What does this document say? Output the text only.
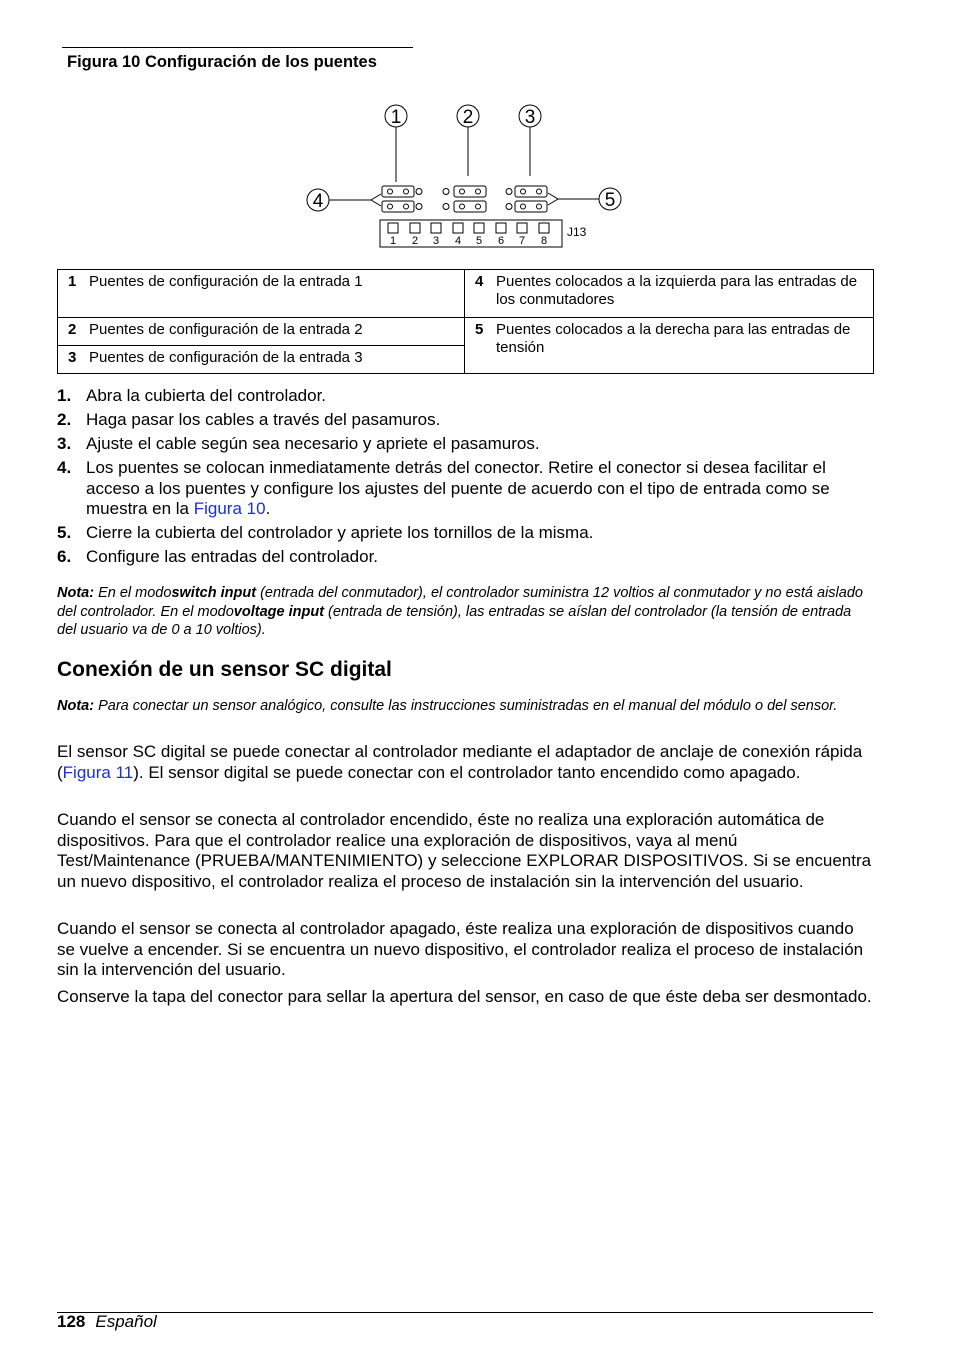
Figura 10 Configuración de los puentes
1	2	3
4	5
1 2 3 4 5 6 7 8
J13
1 Puentes de configuración de la entrada 1	4 Puentes colocados a la izquierda para las entradas de los conmutadores

2 Puentes de configuración de la entrada 2	5 Puentes colocados a la derecha para las entradas de tensión

3 Puentes de configuración de la entrada 3	
1. Abra la cubierta del controlador.
2. Haga pasar los cables a través del pasamuros.
3. Ajuste el cable según sea necesario y apriete el pasamuros.
4. Los puentes se colocan inmediatamente detrás del conector. Retire el conector si desea facilitar el acceso a los puentes y configure los ajustes del puente de acuerdo con el tipo de entrada como se muestra en la Figura 10.
5. Cierre la cubierta del controlador y apriete los tornillos de la misma.
6. Configure las entradas del controlador.
Nota: En el modoswitch input (entrada del conmutador), el controlador suministra 12 voltios al conmutador y no está aislado del controlador. En el modovoltage input (entrada de tensión), las entradas se aíslan del controlador (la tensión de entrada del usuario va de 0 a 10 voltios).
Conexión de un sensor SC digital
Nota: Para conectar un sensor analógico, consulte las instrucciones suministradas en el manual del módulo o del sensor.
El sensor SC digital se puede conectar al controlador mediante el adaptador de anclaje de conexión rápida (Figura 11). El sensor digital se puede conectar con el controlador tanto encendido como apagado.
Cuando el sensor se conecta al controlador encendido, éste no realiza una exploración automática de dispositivos. Para que el controlador realice una exploración de dispositivos, vaya al menú Test/Maintenance (PRUEBA/MANTENIMIENTO) y seleccione EXPLORAR DISPOSITIVOS. Si se encuentra un nuevo dispositivo, el controlador realiza el proceso de instalación sin la intervención del usuario.
Cuando el sensor se conecta al controlador apagado, éste realiza una exploración de dispositivos cuando se vuelve a encender. Si se encuentra un nuevo dispositivo, el controlador realiza el proceso de instalación sin la intervención del usuario.
Conserve la tapa del conector para sellar la apertura del sensor, en caso de que éste deba ser desmontado.
128 Español
